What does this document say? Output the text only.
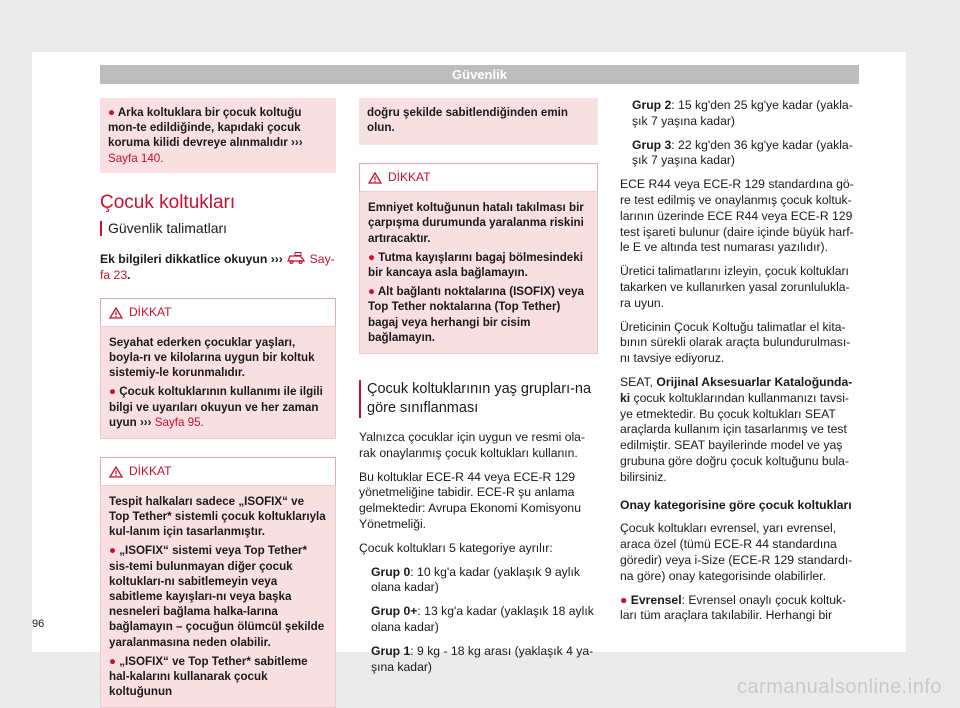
Güvenlik
● Arka koltuklara bir çocuk koltuğu mon-te edildiğinde, kapıdaki çocuk koruma kilidi devreye alınmalıdır ››› Sayfa 140.
Çocuk koltukları
Güvenlik talimatları

Ek bilgileri dikkatlice okuyun ››› Say-fa 23.

DİKKAT

Seyahat ederken çocuklar yaşları, boyla-rı ve kilolarına uygun bir koltuk sistemiy-le korunmalıdır.

● Çocuk koltuklarının kullanımı ile ilgili bilgi ve uyarıları okuyun ve her zaman uyun ››› Sayfa 95.

DİKKAT

Tespit halkaları sadece „ISOFIX“ ve Top Tether* sistemli çocuk koltuklarıyla kul-lanım için tasarlanmıştır.

● „ISOFIX“ sistemi veya Top Tether* sis-temi bulunmayan diğer çocuk koltukları-nı sabitlemeyin veya sabitleme kayışları-nı veya başka nesneleri bağlama halka-larına bağlamayın – çocuğun ölümcül şekilde yaralanmasına neden olabilir.

● „ISOFIX“ ve Top Tether* sabitleme hal-kalarını kullanarak çocuk koltuğunun

doğru şekilde sabitlendiğinden emin olun.

DİKKAT

Emniyet koltuğunun hatalı takılması bir çarpışma durumunda yaralanma riskini artıracaktır.

● Tutma kayışlarını bagaj bölmesindeki bir kancaya asla bağlamayın.

● Alt bağlantı noktalarına (ISOFIX) veya Top Tether noktalarına (Top Tether) bagaj veya herhangi bir cisim bağlamayın.

Çocuk koltuklarının yaş grupları-na göre sınıflanması

Yalnızca çocuklar için uygun ve resmi ola-rak onaylanmış çocuk koltukları kullanın.

Bu koltuklar ECE-R 44 veya ECE-R 129 yönetmeliğine tabidir. ECE-R şu anlama gelmektedir: Avrupa Ekonomi Komisyonu Yönetmeliği.

Çocuk koltukları 5 kategoriye ayrılır:

Grup 0: 10 kg'a kadar (yaklaşık 9 aylık olana kadar)

Grup 0+: 13 kg'a kadar (yaklaşık 18 aylık olana kadar)

Grup 1: 9 kg - 18 kg arası (yaklaşık 4 ya-şına kadar)

Grup 2: 15 kg'den 25 kg'ye kadar (yakla-şık 7 yaşına kadar)

Grup 3: 22 kg'den 36 kg'ye kadar (yakla-şık 7 yaşına kadar)

ECE R44 veya ECE-R 129 standardına gö-re test edilmiş ve onaylanmış çocuk koltuk-larının üzerinde ECE R44 veya ECE-R 129 test işareti bulunur (daire içinde büyük harf-le E ve altında test numarası yazılıdır).

Üretici talimatlarını izleyin, çocuk koltukları takarken ve kullanırken yasal zorunlulukla-ra uyun.

Üreticinin Çocuk Koltuğu talimatlar el kita-bının sürekli olarak araçta bulundurulması-nı tavsiye ediyoruz.

SEAT, Orijinal Aksesuarlar Kataloğunda-ki çocuk koltuklarından kullanmanızı tavsi-ye etmektedir. Bu çocuk koltukları SEAT araçlarda kullanım için tasarlanmış ve test edilmiştir. SEAT bayilerinde model ve yaş grubuna göre doğru çocuk koltuğunu bula-bilirsiniz.

Onay kategorisine göre çocuk koltukları

Çocuk koltukları evrensel, yarı evrensel, araca özel (tümü ECE-R 44 standardına göredir) veya i-Size (ECE-R 129 standardı-na göre) onay kategorisinde olabilirler.

● Evrensel: Evrensel onaylı çocuk koltuk-ları tüm araçlara takılabilir. Herhangi bir

96
carmanualsonline.info
